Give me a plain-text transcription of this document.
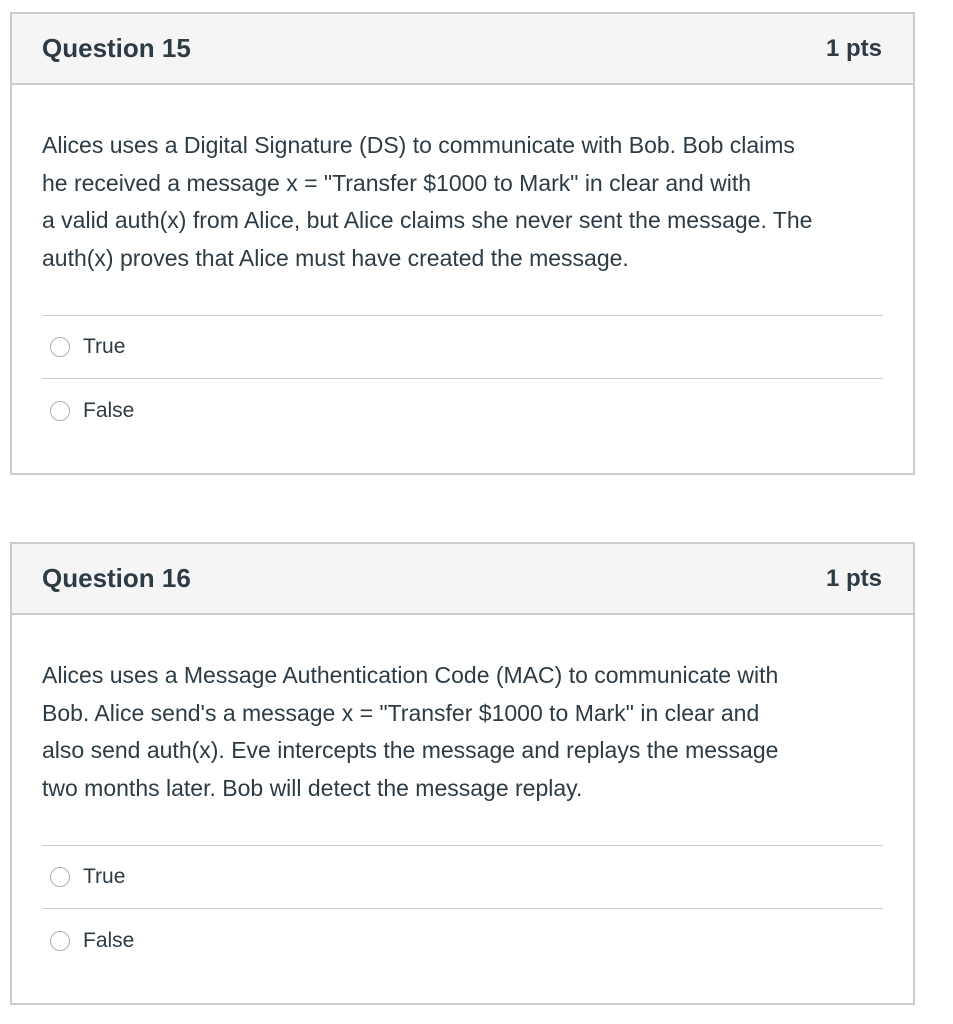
Question 15	1 pts

Alices uses a Digital Signature (DS) to communicate with Bob. Bob claims
he received a message x = "Transfer $1000 to Mark" in clear and with
a valid auth(x) from Alice, but Alice claims she never sent the message. The
auth(x) proves that Alice must have created the message.

True
False
Question 16	1 pts

Alices uses a Message Authentication Code (MAC) to communicate with
Bob. Alice send's a message x = "Transfer $1000 to Mark" in clear and
also send auth(x). Eve intercepts the message and replays the message
two months later. Bob will detect the message replay.

True
False
